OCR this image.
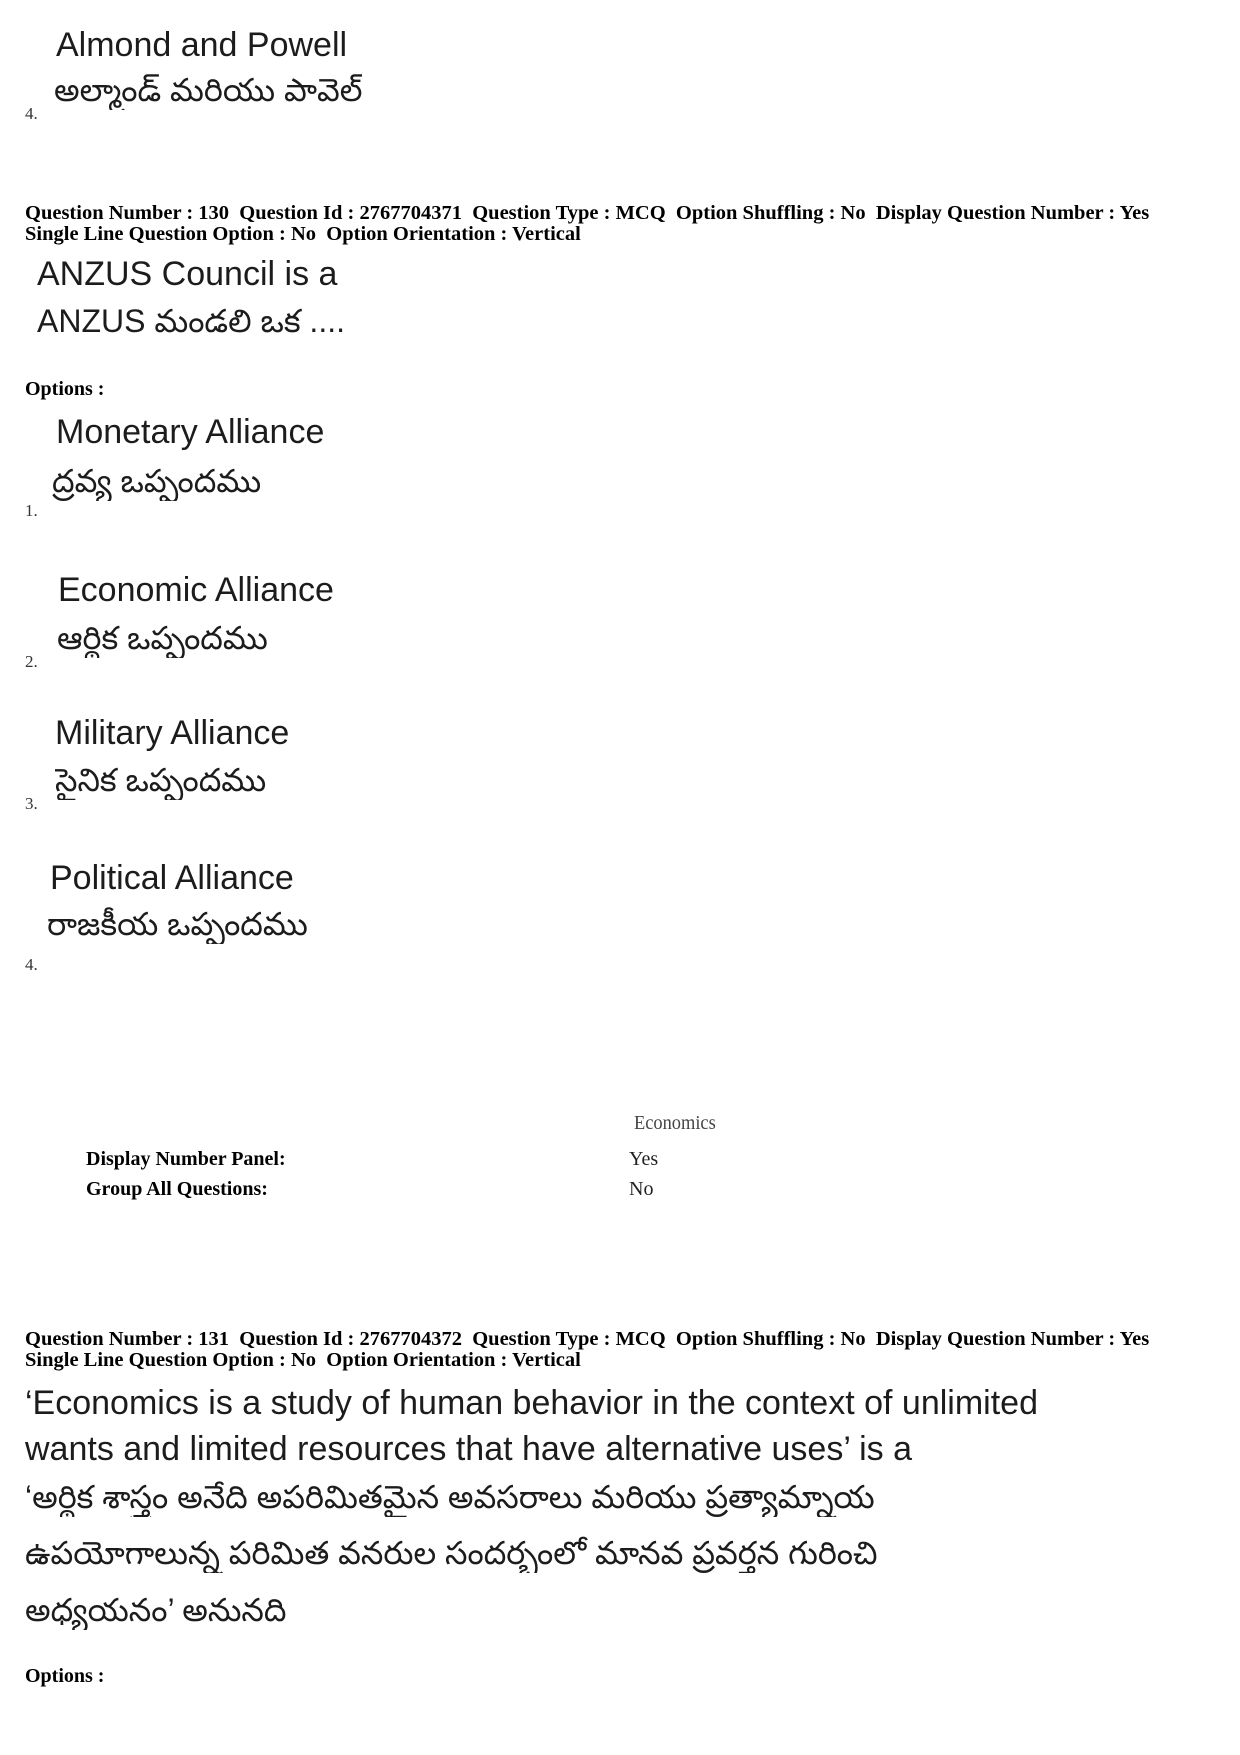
Almond and Powell
అల్మాండ్ మరియు పావెల్
4.
Question Number : 130  Question Id : 2767704371  Question Type : MCQ  Option Shuffling : No  Display Question Number : Yes
Single Line Question Option : No  Option Orientation : Vertical
ANZUS Council is a
ANZUS మండలి ఒక ....
Options :
Monetary Alliance
ద్రవ్య ఒప్పందము
1.
Economic Alliance
ఆర్థిక ఒప్పందము
2.
Military Alliance
సైనిక ఒప్పందము
3.
Political Alliance
రాజకీయ ఒప్పందము
4.
Economics
Display Number Panel:	Yes
Group All Questions:	No
Question Number : 131  Question Id : 2767704372  Question Type : MCQ  Option Shuffling : No  Display Question Number : Yes
Single Line Question Option : No  Option Orientation : Vertical
‘Economics is a study of human behavior in the context of unlimited
wants and limited resources that have alternative uses’ is a
‘అర్థిక శాస్త్రం అనేది అపరిమితమైన అవసరాలు మరియు ప్రత్యామ్నాయ
ఉపయోగాలున్న పరిమిత వనరుల సందర్భంలో మానవ ప్రవర్తన గురించి
అధ్యయనం’ అనునది
Options :
